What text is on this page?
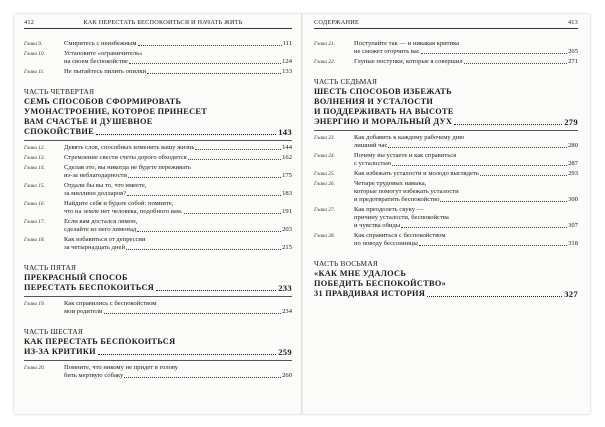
412	КАК ПЕРЕСТАТЬ БЕСПОКОИТЬСЯ И НАЧАТЬ ЖИТЬ
Глава 9.	Смиритесь с неизбежным	111
Глава 10.	Установите «ограничитель»
на своем беспокойстве	124
Глава 11.	Не пытайтесь пилить опилки	133
ЧАСТЬ ЧЕТВЕРТАЯ
СЕМЬ СПОСОБОВ СФОРМИРОВАТЬ
УМОНАСТРОЕНИЕ, КОТОРОЕ ПРИНЕСЕТ
ВАМ СЧАСТЬЕ И ДУШЕВНОЕ
СПОКОЙСТВИЕ	143
Глава 12.	Девять слов, способных изменить вашу жизнь	144
Глава 13.	Стремление свести счеты дорого обходится	162
Глава 14.	Сделав это, вы никогда не будете переживать
из-за неблагодарности	175
Глава 15.	Отдали бы вы то, что имеете,
за миллион долларов?	183
Глава 16.	Найдите себя и будьте собой: помните,
что на земле нет человека, подобного вам.	191
Глава 17.	Если вам достался лимон,
сделайте из него лимонад	203
Глава 18.	Как избавиться от депрессии
за четырнадцать дней	215
ЧАСТЬ ПЯТАЯ
ПРЕКРАСНЫЙ СПОСОБ
ПЕРЕСТАТЬ БЕСПОКОИТЬСЯ	233
Глава 19.	Как справились с беспокойством
мои родители	234
ЧАСТЬ ШЕСТАЯ
КАК ПЕРЕСТАТЬ БЕСПОКОИТЬСЯ
ИЗ-ЗА КРИТИКИ	259
Глава 20.	Помните, что никому не придет в голову
бить мертвую собаку	260
СОДЕРЖАНИЕ	413
Глава 21.	Поступайте так — и никакая критика
не сможет огорчить вас	265
Глава 22.	Глупые поступки, которые я совершил	271
ЧАСТЬ СЕДЬМАЯ
ШЕСТЬ СПОСОБОВ ИЗБЕЖАТЬ
ВОЛНЕНИЯ И УСТАЛОСТИ
И ПОДДЕРЖИВАТЬ НА ВЫСОТЕ
ЭНЕРГИЮ И МОРАЛЬНЫЙ ДУХ	279
Глава 23.	Как добавить к каждому рабочему дню
лишний час	280
Глава 24.	Почему вы устаете и как справиться
с усталостью	287
Глава 25.	Как избежать усталости и молодо выглядеть	293
Глава 26.	Четыре трудовых навыка,
которые помогут избежать усталости
и предотвратить беспокойство	300
Глава 27.	Как преодолеть скуку —
причину усталости, беспокойства
и чувства обиды	307
Глава 28.	Как справиться с беспокойством
по поводу бессонницы	318
ЧАСТЬ ВОСЬМАЯ
«КАК МНЕ УДАЛОСЬ
ПОБЕДИТЬ БЕСПОКОЙСТВО»
31 ПРАВДИВАЯ ИСТОРИЯ	327
